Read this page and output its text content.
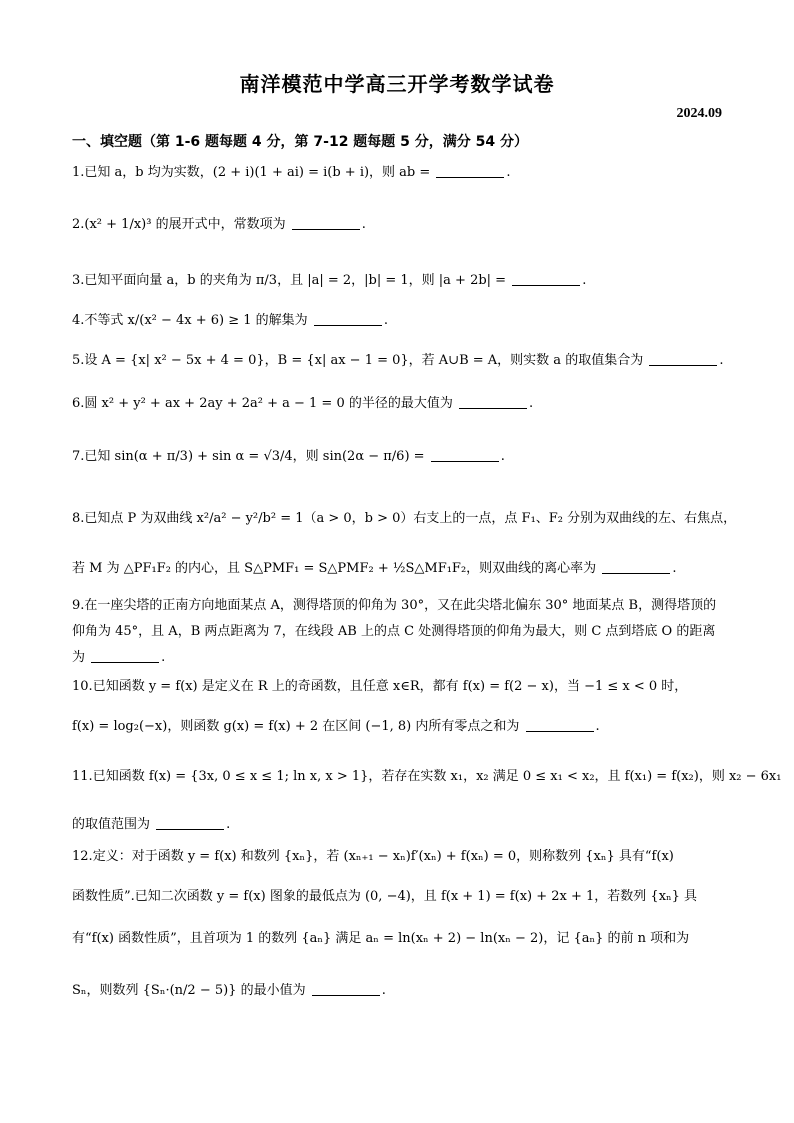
南洋模范中学高三开学考数学试卷
2024.09
一、填空题（第 1-6 题每题 4 分，第 7-12 题每题 5 分，满分 54 分）
1.已知 a，b 均为实数，(2 + i)(1 + ai) = i(b + i)，则 ab =	.
2.(x² + 1/x)³ 的展开式中，常数项为	.
3.已知平面向量 a，b 的夹角为 π/3，且 |a| = 2，|b| = 1，则 |a + 2b| =	.
4.不等式 x/(x² − 4x + 6) ≥ 1 的解集为	.
5.设 A = {x| x² − 5x + 4 = 0}，B = {x| ax − 1 = 0}，若 A∪B = A，则实数 a 的取值集合为	.
6.圆 x² + y² + ax + 2ay + 2a² + a − 1 = 0 的半径的最大值为	.
7.已知 sin(α + π/3) + sin α = √3/4，则 sin(2α − π/6) =	.
8.已知点 P 为双曲线 x²/a² − y²/b² = 1（a > 0，b > 0）右支上的一点，点 F₁、F₂ 分别为双曲线的左、右焦点，
若 M 为 △PF₁F₂ 的内心，且 S△PMF₁ = S△PMF₂ + ½S△MF₁F₂，则双曲线的离心率为	.
9.在一座尖塔的正南方向地面某点 A，测得塔顶的仰角为 30°，又在此尖塔北偏东 30° 地面某点 B，测得塔顶的仰角为 45°，且 A，B 两点距离为 7，在线段 AB 上的点 C 处测得塔顶的仰角为最大，则 C 点到塔底 O 的距离为	.
10.已知函数 y = f(x) 是定义在 R 上的奇函数，且任意 x∈R，都有 f(x) = f(2 − x)，当 −1 ≤ x < 0 时，
f(x) = log₂(−x)，则函数 g(x) = f(x) + 2 在区间 (−1, 8) 内所有零点之和为	.
11.已知函数 f(x) = {3x, 0 ≤ x ≤ 1; ln x, x > 1}，若存在实数 x₁，x₂ 满足 0 ≤ x₁ < x₂，且 f(x₁) = f(x₂)，则 x₂ − 6x₁
的取值范围为	.
12.定义：对于函数 y = f(x) 和数列 {xₙ}，若 (xₙ₊₁ − xₙ)f′(xₙ) + f(xₙ) = 0，则称数列 {xₙ} 具有“f(x)
函数性质”.已知二次函数 y = f(x) 图象的最低点为 (0, −4)，且 f(x + 1) = f(x) + 2x + 1，若数列 {xₙ} 具
有“f(x) 函数性质”，且首项为 1 的数列 {aₙ} 满足 aₙ = ln(xₙ + 2) − ln(xₙ − 2)，记 {aₙ} 的前 n 项和为
Sₙ，则数列 {Sₙ·(n/2 − 5)} 的最小值为	.
